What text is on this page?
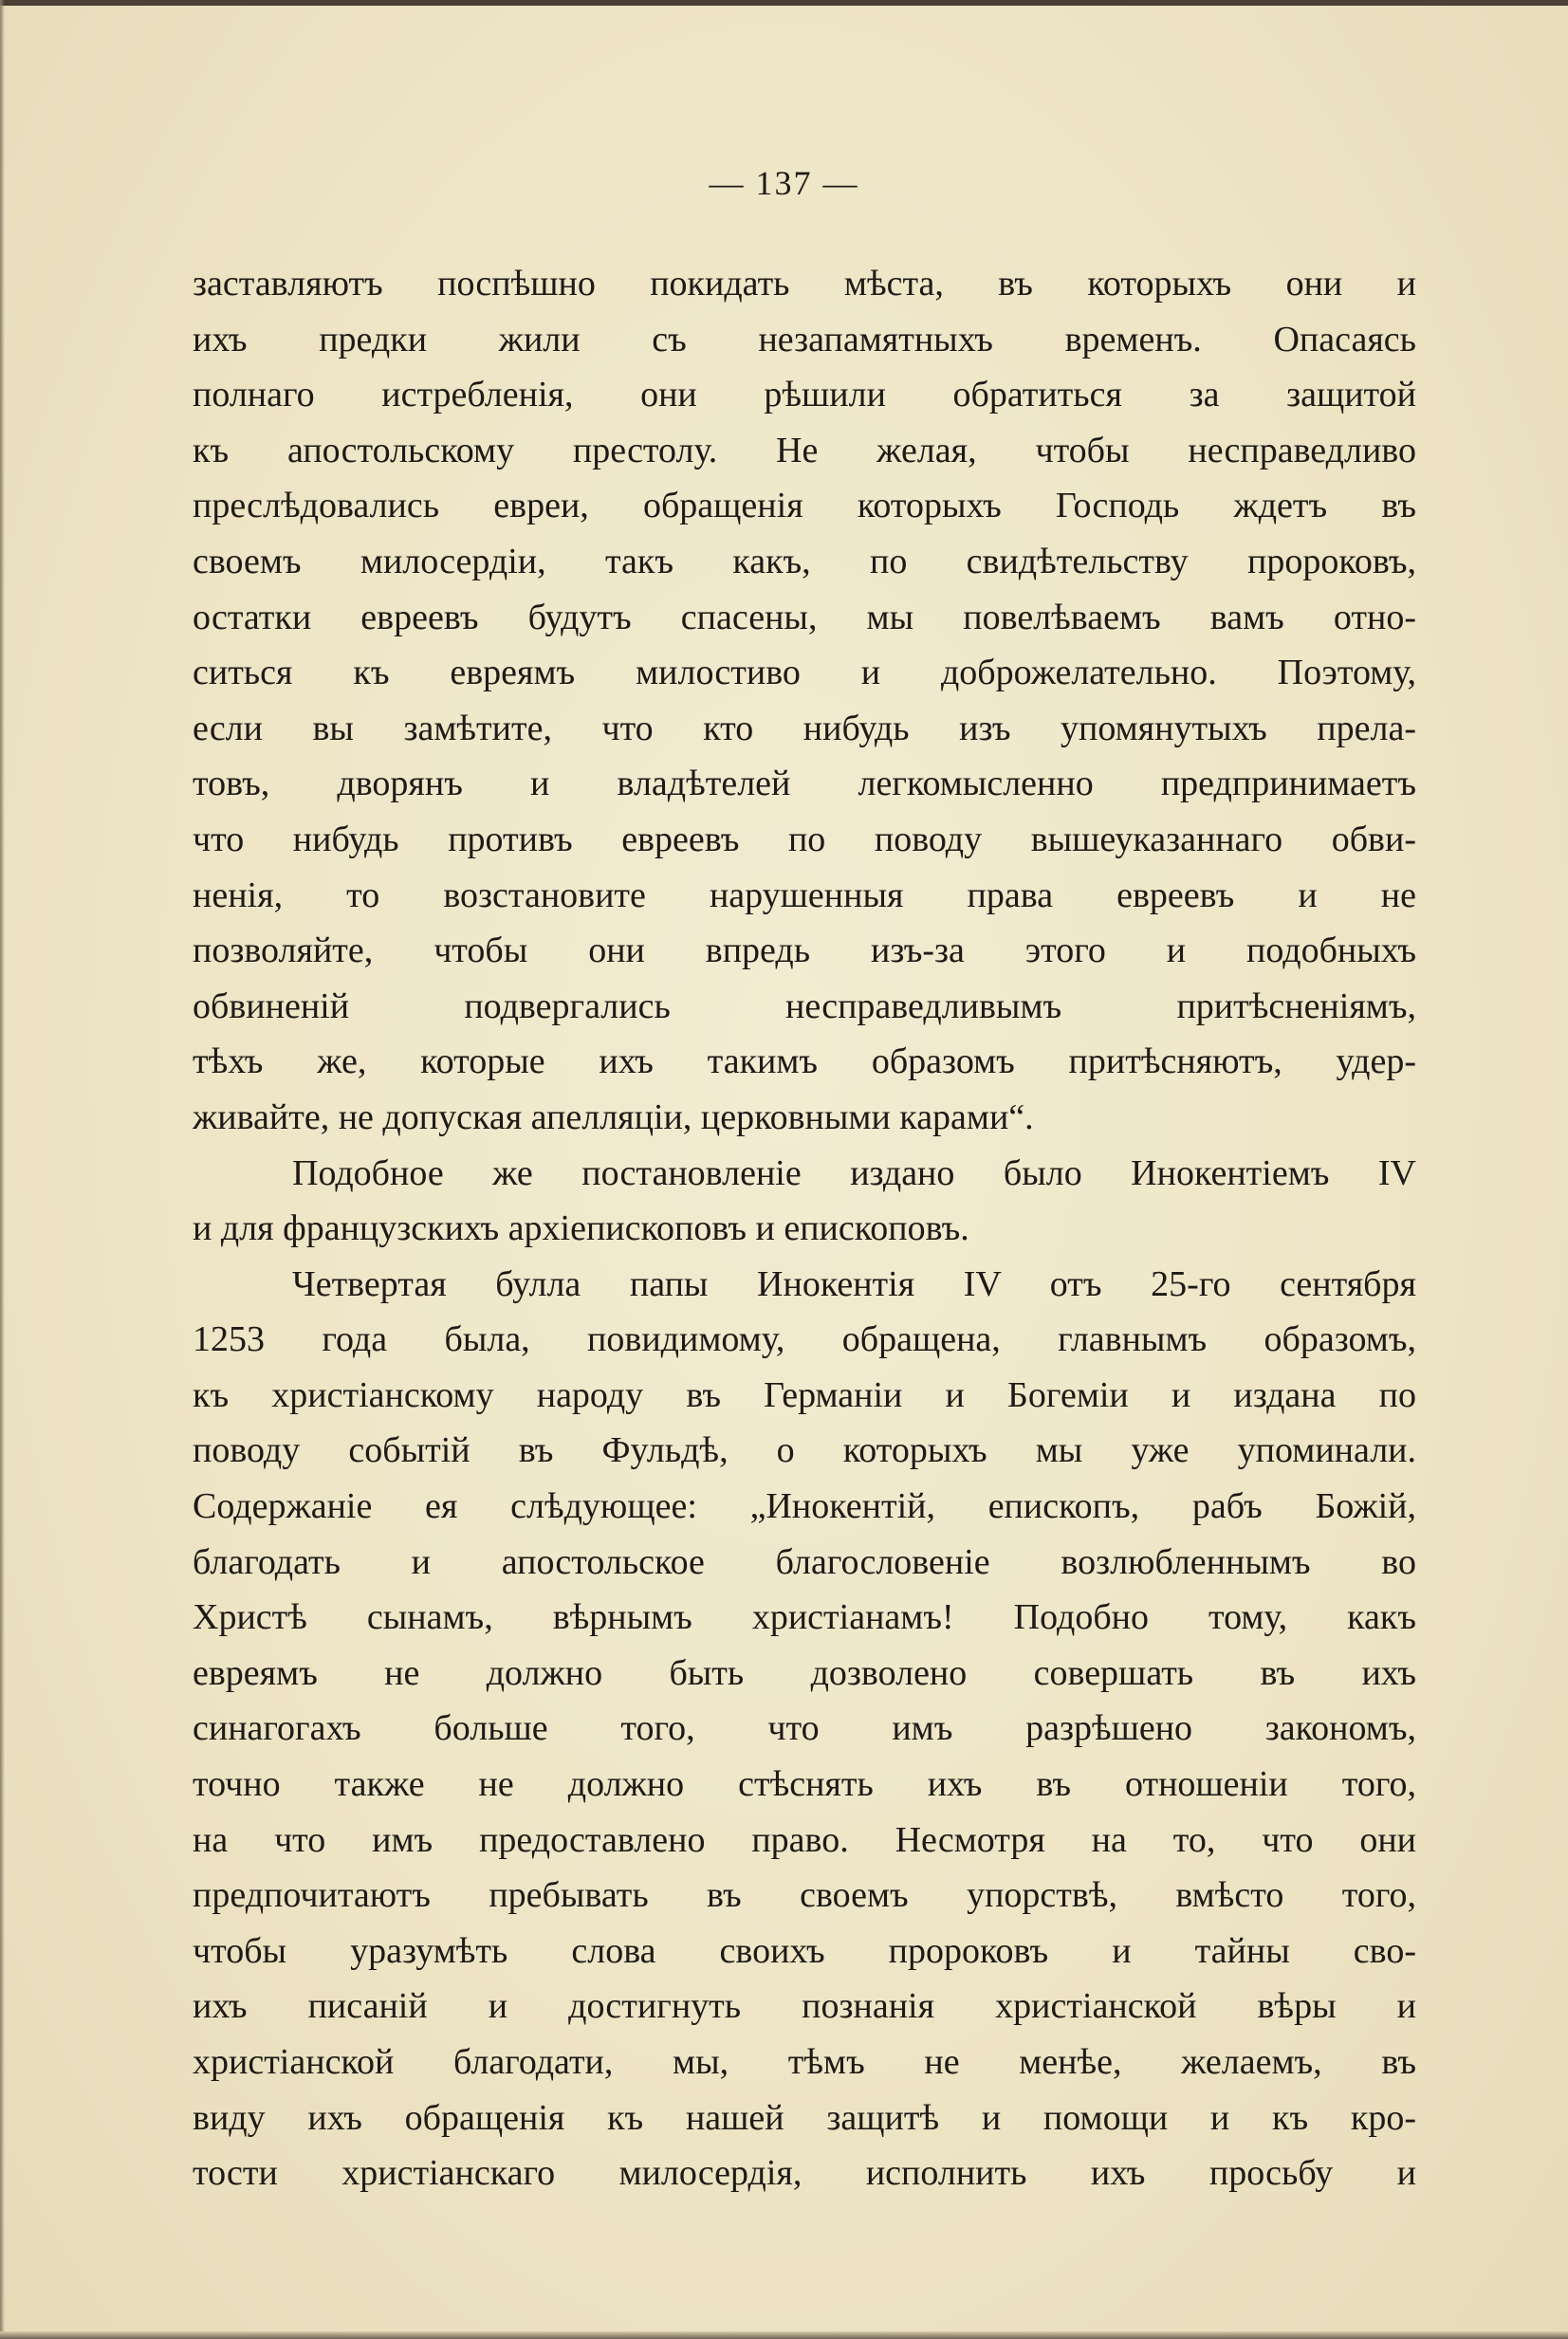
— 137 —
заставляютъ поспѣшно покидать мѣста, въ которыхъ они и
ихъ предки жили съ незапамятныхъ временъ. Опасаясь
полнаго истребленія, они рѣшили обратиться за защитой
къ апостольскому престолу. Не желая, чтобы несправедливо
преслѣдовались евреи, обращенія которыхъ Господь ждетъ въ
своемъ милосердіи, такъ какъ, по свидѣтельству пророковъ,
остатки евреевъ будутъ спасены, мы повелѣваемъ вамъ отно-
ситься къ евреямъ милостиво и доброжелательно. Поэтому,
если вы замѣтите, что кто нибудь изъ упомянутыхъ прела-
товъ, дворянъ и владѣтелей легкомысленно предпринимаетъ
что нибудь противъ евреевъ по поводу вышеуказаннаго обви-
ненія, то возстановите нарушенныя права евреевъ и не
позволяйте, чтобы они впредь изъ-за этого и подобныхъ
обвиненій подвергались несправедливымъ притѣсненіямъ,
тѣхъ же, которые ихъ такимъ образомъ притѣсняютъ, удер-
живайте, не допуская апелляціи, церковными карами“.
Подобное же постановленіе издано было Инокентіемъ IV
и для французскихъ архіепископовъ и епископовъ.
Четвертая булла папы Инокентія IV отъ 25-го сентября
1253 года была, повидимому, обращена, главнымъ образомъ,
къ христіанскому народу въ Германіи и Богеміи и издана по
поводу событій въ Фульдѣ, о которыхъ мы уже упоминали.
Содержаніе ея слѣдующее: „Инокентій, епископъ, рабъ Божій,
благодать и апостольское благословеніе возлюбленнымъ во
Христѣ сынамъ, вѣрнымъ христіанамъ! Подобно тому, какъ
евреямъ не должно быть дозволено совершать въ ихъ
синагогахъ больше того, что имъ разрѣшено закономъ,
точно также не должно стѣснять ихъ въ отношеніи того,
на что имъ предоставлено право. Несмотря на то, что они
предпочитаютъ пребывать въ своемъ упорствѣ, вмѣсто того,
чтобы уразумѣть слова своихъ пророковъ и тайны сво-
ихъ писаній и достигнуть познанія христіанской вѣры и
христіанской благодати, мы, тѣмъ не менѣе, желаемъ, въ
виду ихъ обращенія къ нашей защитѣ и помощи и къ кро-
тости христіанскаго милосердія, исполнить ихъ просьбу и
